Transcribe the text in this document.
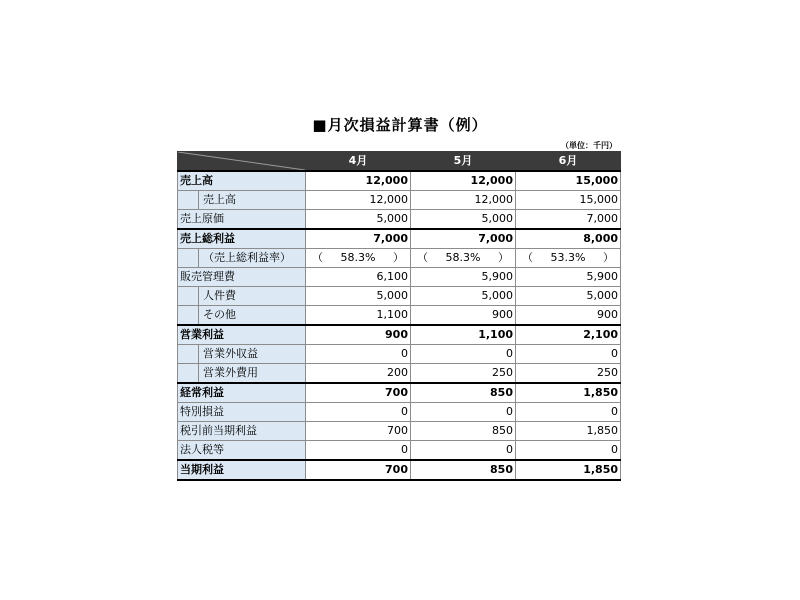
■月次損益計算書（例）
（単位：千円）
	4月	5月	6月
売上高	12,000	12,000	15,000

売上高	12,000	12,000	15,000
売上原価	5,000	5,000	7,000
売上総利益	7,000	7,000	8,000

（売上総利益率）	（ 58.3% ）	（ 58.3% ）	（ 53.3% ）

販売管理費	6,100	5,900	5,900

人件費	5,000	5,000	5,000

その他	1,100	900	900
営業利益	900	1,100	2,100

営業外収益	0	0	0

営業外費用	200	250	250
経常利益	700	850	1,850
特別損益	0	0	0
税引前当期利益	700	850	1,850
法人税等	0	0	0
当期利益	700	850	1,850
